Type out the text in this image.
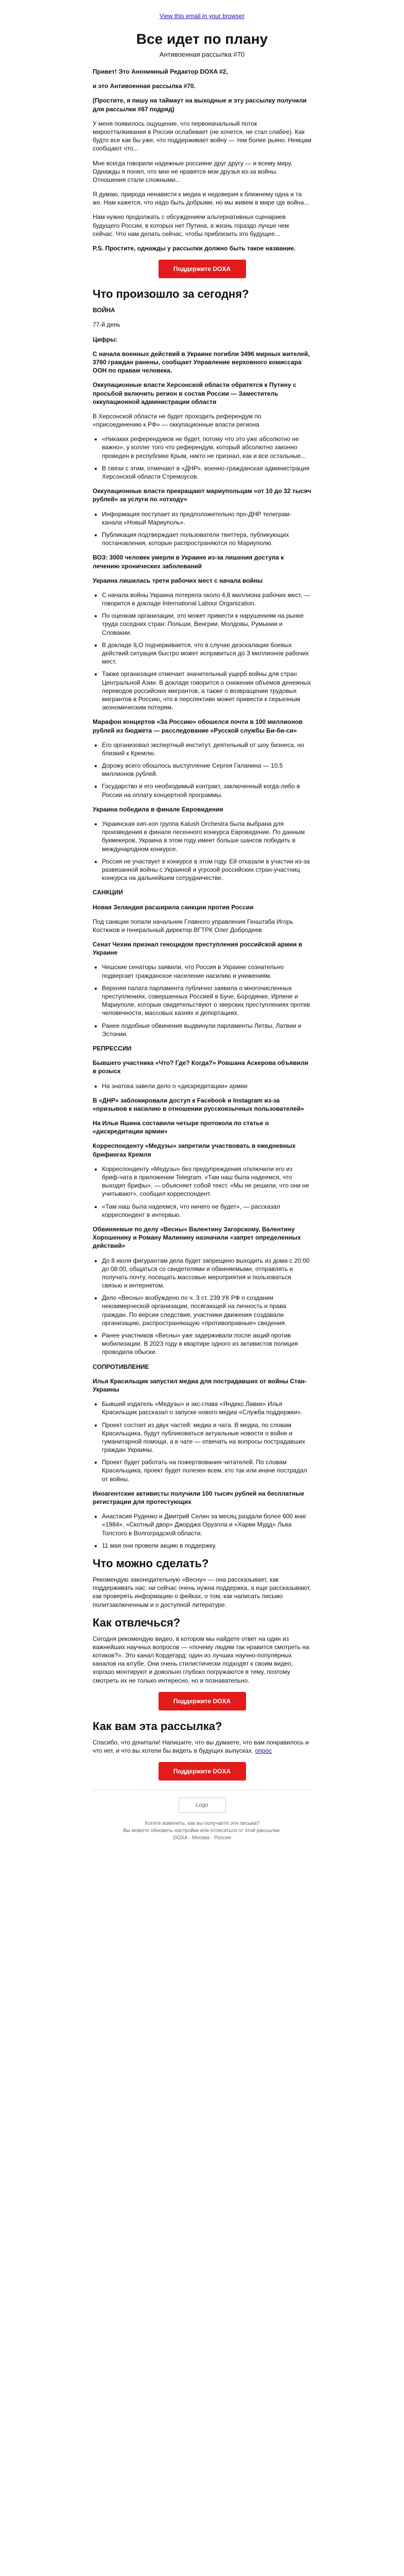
View this email in your browser
Все идет по плану
Антивоенная рассылка #70

Привет! Это Анонимный Редактор DOXA #2,

и это Антивоенная рассылка #70.

(Простите, я пишу на таймаут на выходные и эту рассылку получили для рассылки #67 подряд)

У меня появилось ощущение, что первоначальный поток мироотталкивания в России ослабевает (не хочется, не стал слабее). Как будто все как бы уже, что поддерживает войну — тем более рьяно. Немцам сообщают что...

Мне всегда говорили надежные россияне друг другу — и всему миру. Однажды я понял, что мне не нравятся мои друзья из-за войны. Отношения стали сложными...

Я думаю, природа ненависти к медиа и недоверия к ближнему одна и та же. Нам кажется, что надо быть добрыми, но мы живем в мире где война...

Нам нужно продолжать с обсуждением альтернативных сценариев будущего России, в которых нет Путина, а жизнь гораздо лучше чем сейчас. Что нам делать сейчас, чтобы приблизить это будущее...

P.S. Простите, однажды у рассылки должно быть такое название.

Поддержите DOXA
Что произошло за сегодня?

ВОЙНА

77-й день

Цифры:

С начала военных действий в Украине погибли 3496 мирных жителей, 3760 граждан ранены, сообщает Управление верховного комиссара ООН по правам человека.

Оккупационные власти Херсонской области обратятся к Путину с просьбой включить регион в состав России — Заместитель оккупационной администрации области

В Херсонской области не будет проходить референдум по «присоединению к РФ» — оккупационные власти региона

• «Никаких референдумов не будет, потому что это уже абсолютно не важно», у коллег того что референдум, который абсолютно законно проведен в республике Крым, никто не признал, как и все остальные...
• В связи с этим, отмечают в «ДНР», военно-гражданская администрация Херсонской области Стремоусов.

Оккупационные власти прекращают мариупольцам «от 10 до 32 тысяч рублей» за услуги по «отходу»

• Информация поступает из предположительно про-ДНР телеграм-канала «Новый Мариуполь».
• Публикация подтверждает пользователи твиттера, публикующих постановления, которые распространяются по Мариуполю.

ВОЗ: 3000 человек умерли в Украине из-за лишения доступа к лечению хронических заболеваний

Украина лишилась трети рабочих мест с начала войны

• С начала войны Украина потеряла около 4,8 миллиона рабочих мест, — говорится в докладе International Labour Organization.
• По оценкам организации, это может привести к нарушениям на рынке труда соседних стран: Польши, Венгрии, Молдовы, Румынии и Словакии.
• В докладе ILO подчеркивается, что в случае деэскалации боевых действий ситуация быстро может исправиться до 3 миллионов рабочих мест.
• Также организация отмечает значительный ущерб войны для стран Центральной Азии. В докладе говорится о снижении объемов денежных переводов российских мигрантов, а также о возвращении трудовых мигрантов в Россию, что в перспективе может привести к серьезным экономическим потерям.

Марафон концертов «За Россию» обошелся почти в 100 миллионов рублей из бюджета — расследование «Русской службы Би-би-си»

• Его организовал экспертный институт, деятельный от шоу бизнеса, но близкий к Кремлю.
• Дорожу всего обошлось выступление Сергея Галанина — 10,5 миллионов рублей.
• Государство и его необходимый контракт, заключенный когда-либо в России на оплату концертной программы.

Украина победила в финале Евровидения

• Украинская хип-хоп группа Kalush Orchestra была выбрана для произведения в финале песенного конкурса Евровидение. По данным букмекеров, Украина в этом году имеет больше шансов победить в международном конкурсе.
• Россия не участвует в конкурсе в этом году. Ей отказали в участии из-за развязанной войны с Украиной и угрозой российских стран-участниц конкурса на дальнейшем сотрудничестве.

САНКЦИИ

Новая Зеландия расширила санкции против России

Под санкции попали начальник Главного управления Генштаба Игорь Костюков и генеральный директор ВГТРК Олег Добродеев

Сенат Чехии признал геноцидом преступления российской армии в Украине

• Чешские сенаторы заявили, что Россия в Украине сознательно подвергает гражданское население насилию и унижениям.
• Верхняя палата парламента публично заявила о многочисленных преступлениях, совершенных Россией в Буче, Бородянке, Ирпене и Мариуполе, которые свидетельствуют о зверских преступлениях против человечности, массовых казнях и депортациях.
• Ранее подобные обвинения выдвинули парламенты Литвы, Латвии и Эстонии.

РЕПРЕССИИ

Бывшего участника «Что? Где? Когда?» Ровшана Аскерова объявили в розыск

• На знатока завели дело о «дискредитации» армии

В «ДНР» заблокировали доступ к Facebook и Instagram из-за «призывов к насилию в отношении русскоязычных пользователей»

На Ильи Яшина составили четыре протокола по статье о «дискредитации армии»

Корреспонденту «Медузы» запретили участвовать в ежедневных брифингах Кремля

• Корреспонденту «Медузы» без предупреждения отключили его из бриф-чата в приложении Telegram. «Там наш была надеемся, что выходят брифы», — объясняет собой текст. «Мы не решили, что они не учитывают», сообщил корреспондент.
• «Там наш была надеемся, что ничего не будет», — рассказал корреспондент в интервью.

Обвиняемые по делу «Весны» Валентину Загорскому, Валентину Хорошенину и Роману Малинину назначили «запрет определенных действий»

• До 8 июля фигурантам дела будет запрещено выходить из дома с 20:00 до 08:00, общаться со свидетелями и обвиняемыми, отправлять и получать почту, посещать массовые мероприятия и пользоваться связью и интернетом.
• Дело «Весны» возбуждено по ч. 3 ст. 239 УК РФ о создании некоммерческой организации, посягающей на личность и права граждан. По версии следствия, участники движения создавали организацию, распространяющую «противоправные» сведения.
• Ранее участников «Весны» уже задерживали после акций против мобилизации. В 2023 году в квартире одного из активистов полиция проводила обыски.

СОПРОТИВЛЕНИЕ

Илья Красильщик запустил медиа для пострадавших от войны Стан-Украины

• Бывший издатель «Медузы» и экс-глава «Яндекс.Лавки» Илья Красильщик рассказал о запуске нового медиа «Служба поддержки».
• Проект состоит из двух частей: медиа и чата. В медиа, по словам Красильщика, будут публиковаться актуальные новости о войне и гуманитарной помощи, а в чате — отвечать на вопросы пострадавших граждан Украины.
• Проект будет работать на пожертвования читателей. По словам Красильщика, проект будет полезен всем, кто так или иначе пострадал от войны.

Иноагентские активисты получили 100 тысяч рублей на бесплатные регистрации для протестующих

• Анастасия Руденко и Дмитрий Селин за месяц раздали более 600 книг «1984», «Скотный двор» Джорджа Оруэлла и «Харви Мудд» Льва Толстого в Волгоградской области.
• 11 мая они провели акцию в поддержку.
Что можно сделать?

Рекомендую законодательную «Весну» — она рассказывает, как поддерживать нас: ни сейчас очень нужна поддержка, а еще рассказывают, как проверять информацию о фейках, о том, как написать письмо политзаключенным и о доступной литературе.

Как отвлечься?

Сегодня рекомендую видео, в котором мы найдете ответ на один из важнейших научных вопросов — «почему людям так нравится смотреть на котиков?». Это канал Кордегард: один из лучших научно-популярных каналов на ютубе. Они очень стилистически подходят к своим видео, хорошо монтируют и довольно глубоко погружаются в тему, поэтому смотреть их не только интересно, но и познавательно.

Поддержите DOXA
Как вам эта рассылка?

Спасибо, что дочитали! Напишите, что вы думаете, что вам понравилось и что нет, и что вы хотели бы видеть в будущих выпусках. опрос

Поддержите DOXA
Logo
Хотите изменить, как вы получаете эти письма?
Вы можете обновить настройки или отписаться от этой рассылки.
DOXA · Москва · Россия
